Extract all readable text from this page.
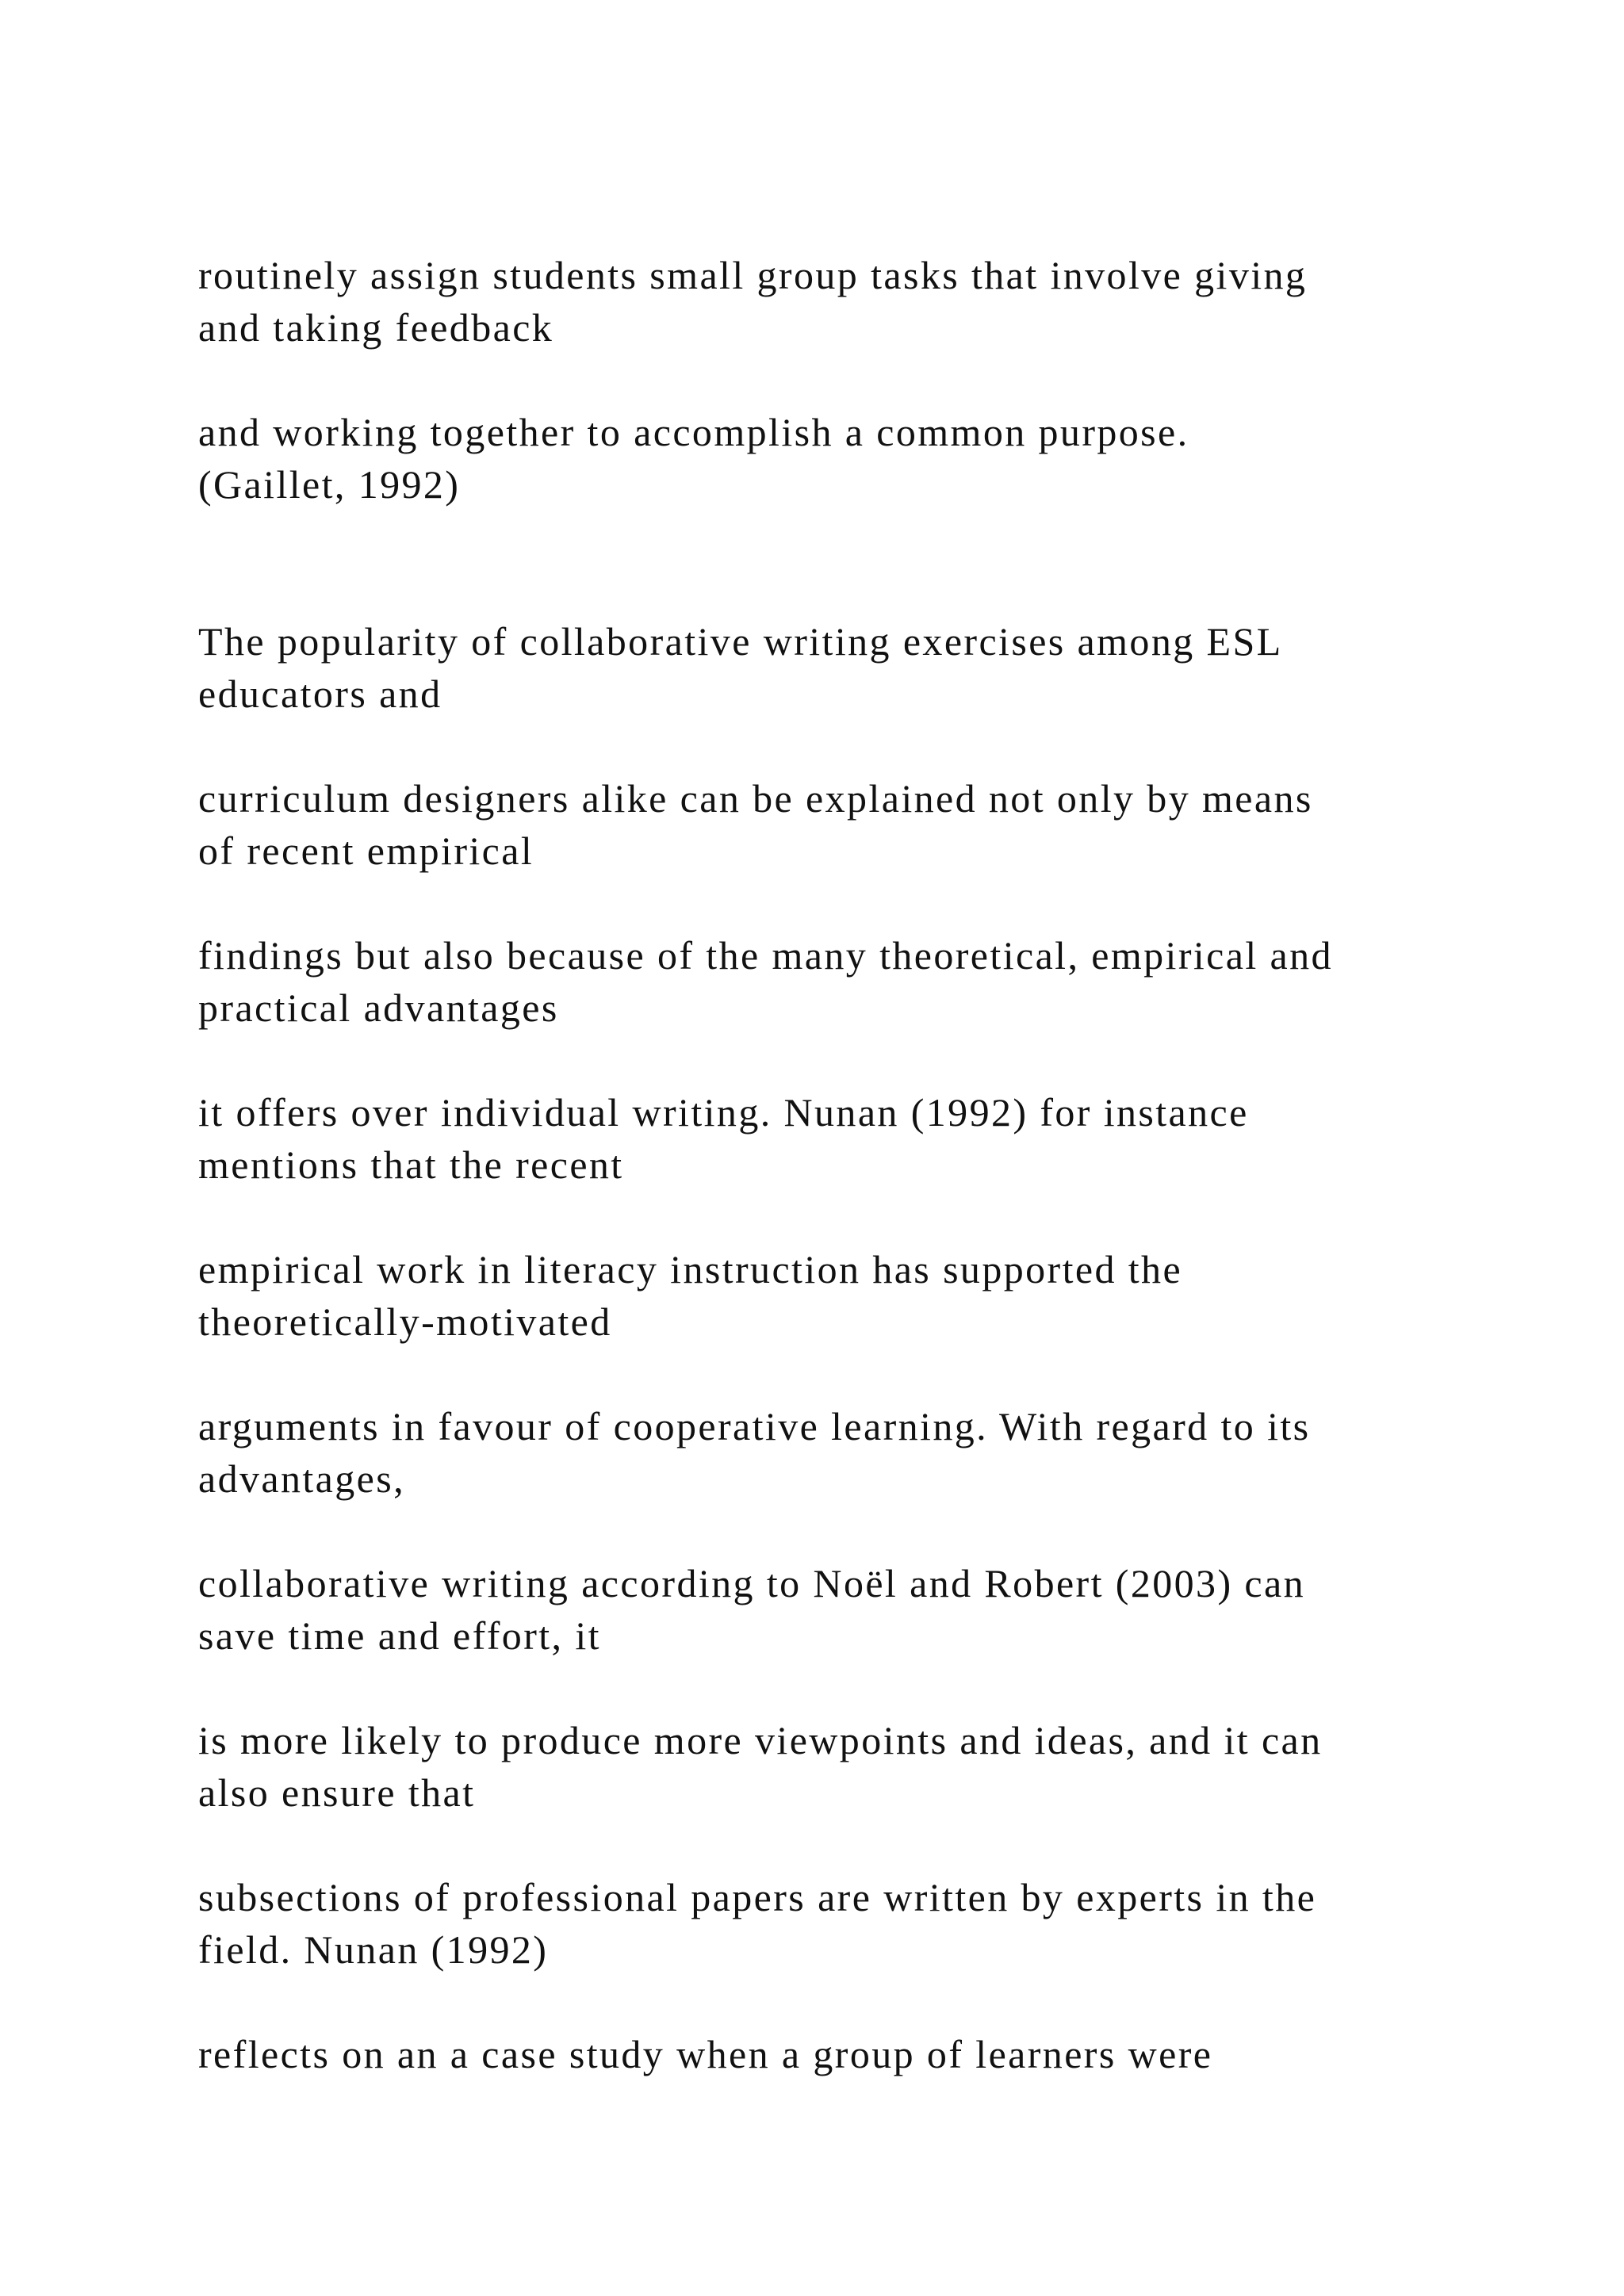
routinely assign students small group tasks that involve giving
and taking feedback

and working together to accomplish a common purpose.
(Gaillet, 1992)

The popularity of collaborative writing exercises among ESL
educators and

curriculum designers alike can be explained not only by means
of recent empirical

findings but also because of the many theoretical, empirical and
practical advantages

it offers over individual writing. Nunan (1992) for instance
mentions that the recent

empirical work in literacy instruction has supported the
theoretically-motivated

arguments in favour of cooperative learning. With regard to its
advantages,

collaborative writing according to Noël and Robert (2003) can
save time and effort, it

is more likely to produce more viewpoints and ideas, and it can
also ensure that

subsections of professional papers are written by experts in the
field. Nunan (1992)

reflects on an a case study when a group of learners were
